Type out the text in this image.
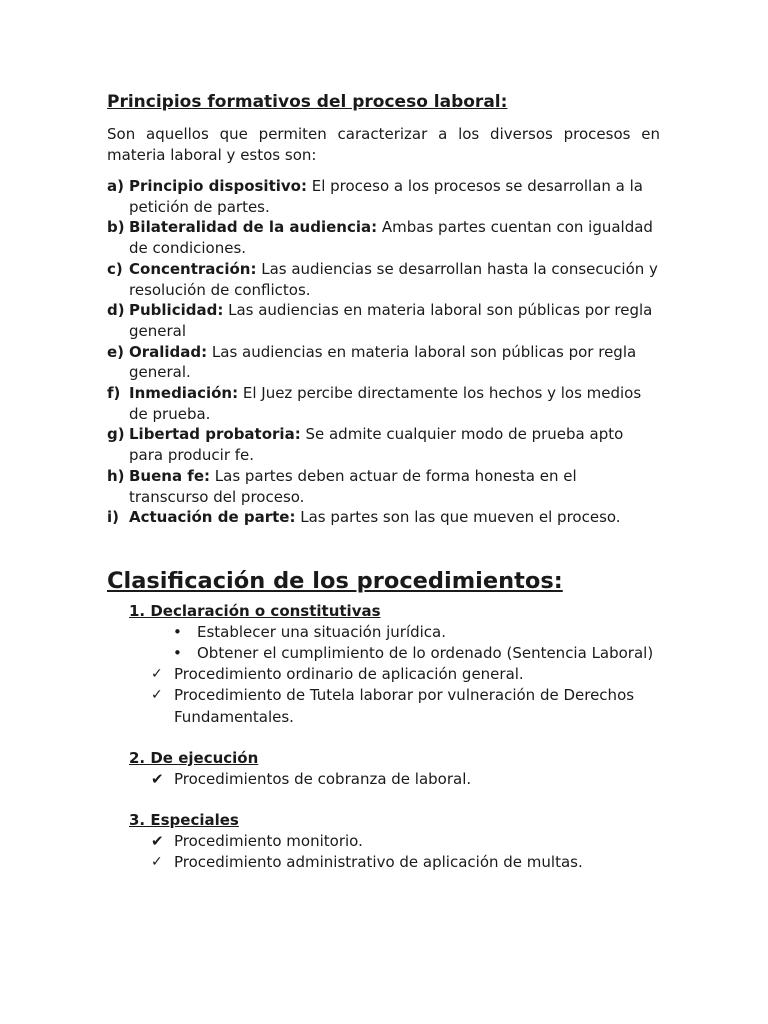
Principios formativos del proceso laboral:

Son aquellos que permiten caracterizar a los diversos procesos en materia laboral y estos son:

a) Principio dispositivo: El proceso a los procesos se desarrollan a la petición de partes.
b) Bilateralidad de la audiencia: Ambas partes cuentan con igualdad de condiciones.
c) Concentración: Las audiencias se desarrollan hasta la consecución y resolución de conflictos.
d) Publicidad: Las audiencias en materia laboral son públicas por regla general
e) Oralidad: Las audiencias en materia laboral son públicas por regla general.
f) Inmediación: El Juez percibe directamente los hechos y los medios de prueba.
g) Libertad probatoria: Se admite cualquier modo de prueba apto para producir fe.
h) Buena fe: Las partes deben actuar de forma honesta en el transcurso del proceso.
i) Actuación de parte: Las partes son las que mueven el proceso.
Clasificación de los procedimientos:
1. Declaración o constitutivas
• Establecer una situación jurídica.
• Obtener el cumplimiento de lo ordenado (Sentencia Laboral)
✓ Procedimiento ordinario de aplicación general.
✓ Procedimiento de Tutela laborar por vulneración de Derechos Fundamentales.
2. De ejecución
✔ Procedimientos de cobranza de laboral.
3. Especiales
✔ Procedimiento monitorio.
✓ Procedimiento administrativo de aplicación de multas.
